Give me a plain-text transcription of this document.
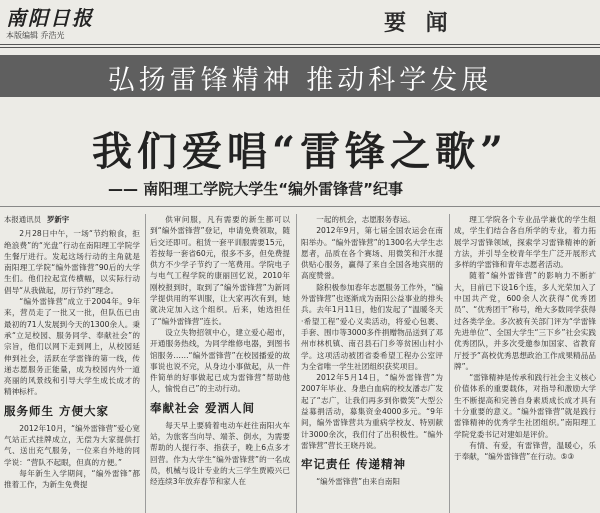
南阳日报
本版编辑 乔浩光	要 闻
弘扬雷锋精神 推动科学发展
我们爱唱“雷锋之歌”
—— 南阳理工学院大学生“编外雷锋营”纪事

本报通讯员 罗新宇

2月28日中午，一场“节约粮食，拒绝浪费”的“光盘”行动在南阳理工学院学生餐厅进行。发起这场行动的主角就是南阳理工学院“编外雷锋营”90后的大学生们。他们拉起宣传横幅，以实际行动倡导“从我做起，厉行节约”理念。

“编外雷锋营”成立于2004年。9年来，营员走了一批又一批，但队伍已由最初的71人发展到今天的1300余人。秉承“立足校园、服务同学、奉献社会”的宗旨，他们以网下走到网上，从校园延伸到社会，活跃在学雷锋的第一线，传递志愿服务正能量，成为校园内外一道亮丽的风景线和引导大学生成长成才的精神标杆。

服务师生 方便大家

2012年10月，“编外雷锋营”爱心宽气站正式挂牌成立，无偿为大家提供打气、送出充气服务，一位来自外地的同学说：“营队不起眼，但真的方便。”

每年新生入学期间，“编外雷锋”都推着工作，为新生免费提

供审问服，凡有需要的新生都可以到“编外雷锋营”登记，申请免费领取，随后交还即可。租赁一套平训服需要15元，若按每一套省60元，很多不多，但免费提供方不少学子节约了一笔费用。学院电子与电气工程学院的康丽回忆说，2010年刚校报到时，取到了“编外雷锋营”为新同学提供用的军训服，让大家再次有到，她就决定加入这个组织。后来，她选担任了“编外雷锋营”连长。

设立失物招领中心，建立爱心超市，开通服务热线，为同学维修电器，到图书馆服务……“编外雷锋营”在校园播爱的故事说也说不完，从身边小事做起，从一件件简单的好事做起已成为雷锋营“帮助他人，愉悦自己”的主动行动。

奉献社会 爱洒人间

每天早上要骑着电动车赶往南阳火车站，为旅客当向导、端茶、倒水，为需要帮助的人提行李、指获子，晚上6点多才回营。作为大学生“编外雷锋营”的一名成员，机械与设计专业的大三学生贾殿兴已经连续3年放弃春节和家人在

一起的机会，志愿服务春运。

2012年9月，第七届全国农运会在南阳举办。“编外雷锋营”的1300名大学生志愿者，品质在各个赛场、用微笑和汗水提供贴心服务，赢得了来自全国各地宾朋的高度赞誉。

除积极参加春年志愿服务工作外，“编外雷锋营”也逐渐成为南阳公益事业的排头兵。去年1月11日，他们发起了“温暖冬天·希望工程”爱心义卖活动，将爱心包裹、手套、围巾等3000多件捐赠物品送到了邓州市林机镇、南召县石门乡等贫困山村小学。这项活动被团省委希望工程办公室评为全省唯一学生社团组织获奖项目。

2012年5月14日，“编外雷锋营”为2007年毕业、身患白血病的校友潘志广发起了“志广，让我们再多到你微笑”大型公益募捐活动，募集资金4000多元。“9年间，编外雷锋营共为重病学校友、特别献计3000余次，我们付了出积极性。“编外雷锋营”营长王晓丹说。

牢记责任 传递精神

“编外雷锋营”由来自南阳

理工学院各个专业品学兼优的学生组成，学生们结合各自所学的专业，着力拓展学习雷锋领域，探索学习雷锋精神的新方法，并引导全校青年学生广泛开展形式多样的学雷锋和青年志愿者活动。

随着“编外雷锋营”的影响力不断扩大，目前已下设16个连，多人光荣加入了中国共产党，600余人次获得“优秀团员”、“优秀团干”称号，绝大多数同学获得过各类学金。多次被有关部门评为“学雷锋先进单位”、全国大学生“三下乡”社会实践优秀团队，并多次受邀参加国家、省教育厅授予“高校优秀思想政治工作成果精品品牌”。

“雷锋精神是传承和践行社会主义核心价值体系的重要载体，对指导和激励大学生不断提高和完善自身素质成长成才具有十分重要的意义。“编外雷锋营”就是践行雷锋精神的优秀学生社团组织。”南阳理工学院党委书记对建如是评价。

有情、有爱，有雷锋营，温暖心，乐于奉献，“编外雷锋营”在行动。⑤③
